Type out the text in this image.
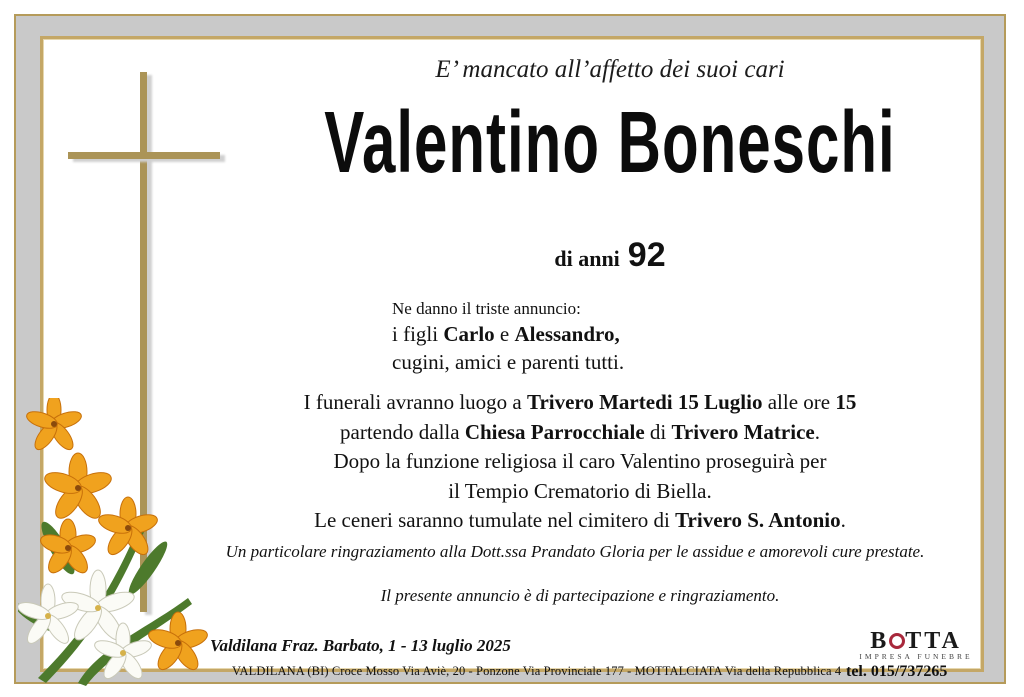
E’ mancato all’affetto dei suoi cari
Valentino Boneschi
di anni 92
Ne danno il triste annuncio:
i figli Carlo e Alessandro,
cugini, amici e parenti tutti.
I funerali avranno luogo a Trivero Martedi 15 Luglio alle ore 15
partendo dalla Chiesa Parrocchiale di Trivero Matrice.
Dopo la funzione religiosa il caro Valentino proseguirà per
il Tempio Crematorio di Biella.
Le ceneri saranno tumulate nel cimitero di Trivero S. Antonio.
Un particolare ringraziamento alla Dott.ssa Prandato Gloria per le assidue e amorevoli cure prestate.
Il presente annuncio è di partecipazione e ringraziamento.
Valdilana Fraz. Barbato, 1 - 13 luglio 2025
VALDILANA (BI) Croce Mosso Via Aviè, 20 - Ponzone Via Provinciale 177 - MOTTALCIATA Via della Repubblica 4
B TTA
IMPRESA FUNEBRE
tel. 015/737265
